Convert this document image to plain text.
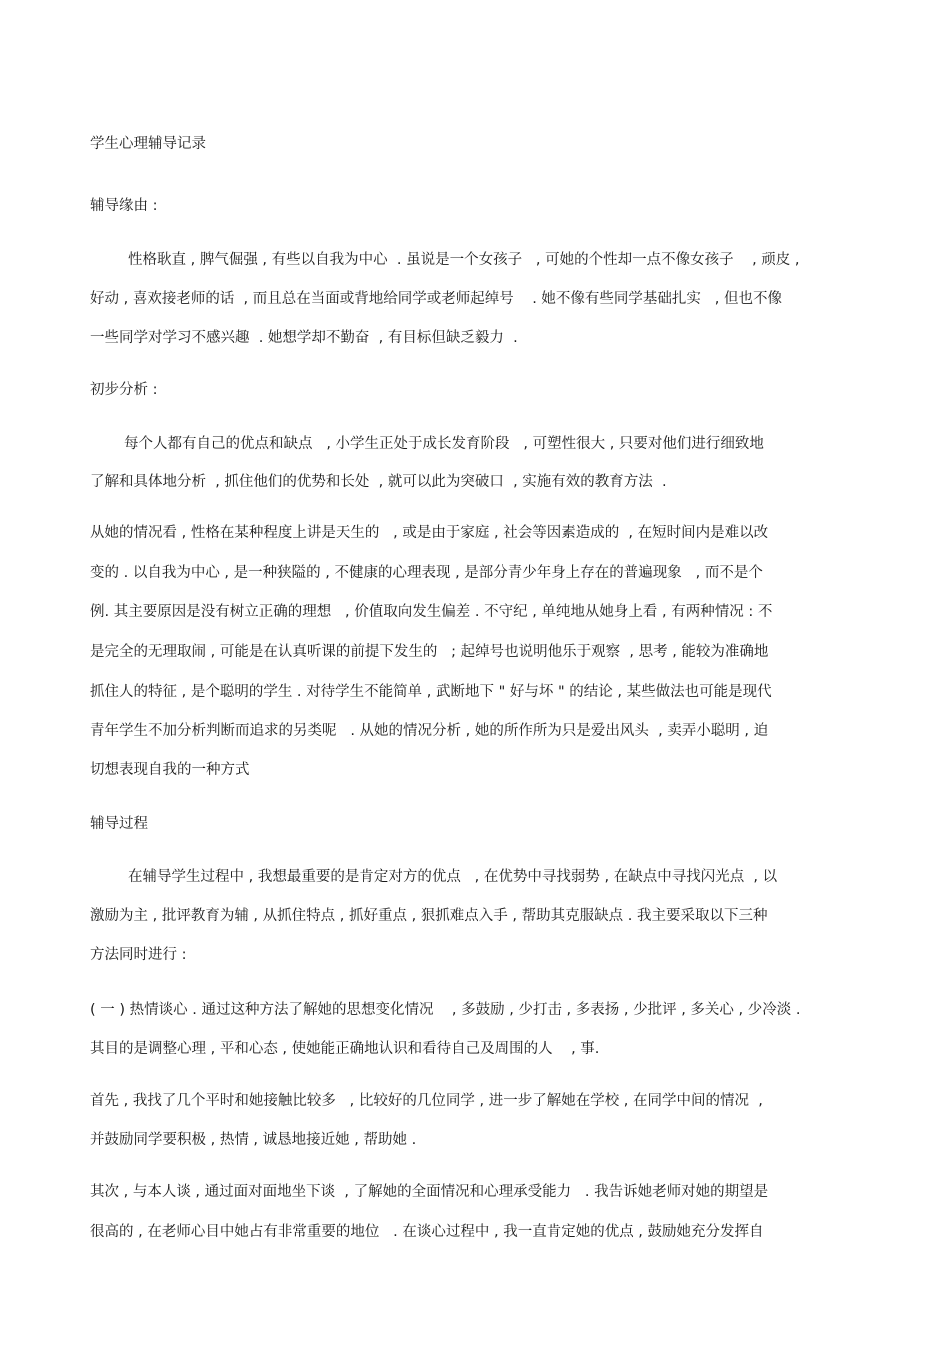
学生心理辅导记录
辅导缘由 :
性格耿直 , 脾气倔强 , 有些以自我为中心  . 虽说是一个女孩子   , 可她的个性却一点不像女孩子    , 顽皮 ,
好动 , 喜欢接老师的话  , 而且总在当面或背地给同学或老师起绰号    . 她不像有些同学基础扎实   , 但也不像
一些同学对学习不感兴趣  . 她想学却不勤奋  , 有目标但缺乏毅力  .
初步分析 :
每个人都有自己的优点和缺点   , 小学生正处于成长发育阶段   , 可塑性很大 , 只要对他们进行细致地
了解和具体地分析  , 抓住他们的优势和长处  , 就可以此为突破口  , 实施有效的教育方法  .
从她的情况看 , 性格在某种程度上讲是天生的   , 或是由于家庭 , 社会等因素造成的  , 在短时间内是难以改
变的 . 以自我为中心 , 是一种狭隘的 , 不健康的心理表现 , 是部分青少年身上存在的普遍现象   , 而不是个
例. 其主要原因是没有树立正确的理想   , 价值取向发生偏差 . 不守纪 , 单纯地从她身上看 , 有两种情况 : 不
是完全的无理取闹 , 可能是在认真听课的前提下发生的   ; 起绰号也说明他乐于观察  , 思考 , 能较为准确地
抓住人的特征 , 是个聪明的学生 . 对待学生不能简单 , 武断地下 " 好与坏 " 的结论 , 某些做法也可能是现代
青年学生不加分析判断而追求的另类呢   . 从她的情况分析 , 她的所作所为只是爱出风头  , 卖弄小聪明 , 迫
切想表现自我的一种方式
辅导过程
在辅导学生过程中 , 我想最重要的是肯定对方的优点   , 在优势中寻找弱势 , 在缺点中寻找闪光点  , 以
激励为主 , 批评教育为辅 , 从抓住特点 , 抓好重点 , 狠抓难点入手 , 帮助其克服缺点 . 我主要采取以下三种
方法同时进行 :
( 一 ) 热情谈心 . 通过这种方法了解她的思想变化情况    , 多鼓励 , 少打击 , 多表扬 , 少批评 , 多关心 , 少冷淡 .
其目的是调整心理 , 平和心态 , 使她能正确地认识和看待自己及周围的人    , 事.
首先 , 我找了几个平时和她接触比较多   , 比较好的几位同学 , 进一步了解她在学校 , 在同学中间的情况  ,
并鼓励同学要积极 , 热情 , 诚恳地接近她 , 帮助她 .
其次 , 与本人谈 , 通过面对面地坐下谈  , 了解她的全面情况和心理承受能力   . 我告诉她老师对她的期望是
很高的 , 在老师心目中她占有非常重要的地位   . 在谈心过程中 , 我一直肯定她的优点 , 鼓励她充分发挥自
